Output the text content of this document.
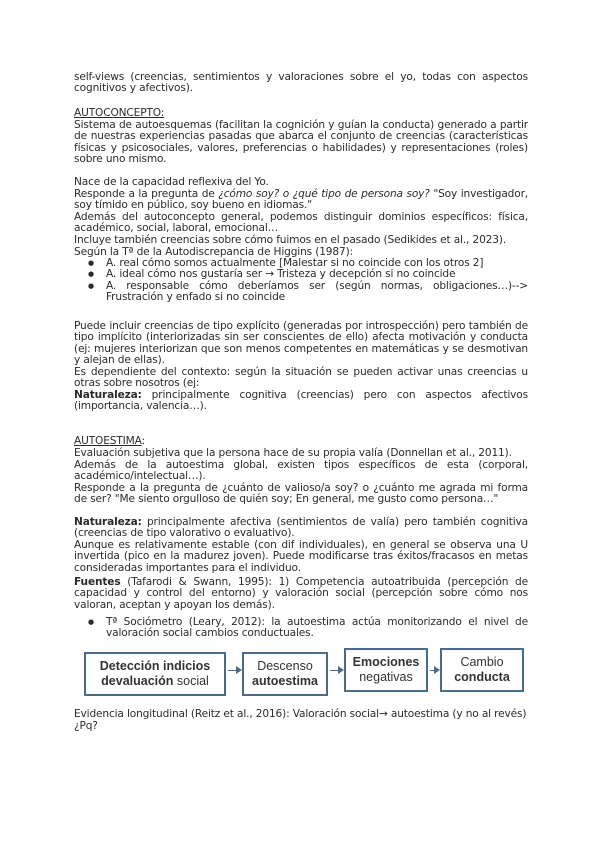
self-views (creencias, sentimientos y valoraciones sobre el yo, todas con aspectos
cognitivos y afectivos).
AUTOCONCEPTO:
Sistema de autoesquemas (facilitan la cognición y guían la conducta) generado a partir de nuestras experiencias pasadas que abarca el conjunto de creencias (características físicas y psicosociales, valores, preferencias o habilidades) y representaciones (roles) sobre uno mismo.
Nace de la capacidad reflexiva del Yo.
Responde a la pregunta de ¿cómo soy? o ¿qué tipo de persona soy? "Soy investigador, soy tímido en público, soy bueno en idiomas."
Además del autoconcepto general, podemos distinguir dominios específicos: física, académico, social, laboral, emocional…
Incluye también creencias sobre cómo fuimos en el pasado (Sedikides et al., 2023).
Según la Tª de la Autodiscrepancia de Higgins (1987):
● A. real cómo somos actualmente [Malestar si no coincide con los otros 2]
● A. ideal cómo nos gustaría ser → Tristeza y decepción si no coincide
● A. responsable cómo deberíamos ser (según normas, obligaciones…)--> Frustración y enfado si no coincide
Puede incluir creencias de tipo explícito (generadas por introspección) pero también de tipo implícito (interiorizadas sin ser conscientes de ello) afecta motivación y conducta (ej: mujeres interiorizan que son menos competentes en matemáticas y se desmotivan y alejan de ellas).
Es dependiente del contexto: según la situación se pueden activar unas creencias u otras sobre nosotros (ej:
Naturaleza: principalmente cognitiva (creencias) pero con aspectos afectivos (importancia, valencia…).
AUTOESTIMA:
Evaluación subjetiva que la persona hace de su propia valía (Donnellan et al., 2011).
Además de la autoestima global, existen tipos específicos de esta (corporal, académico/intelectual…).
Responde a la pregunta de ¿cuánto de valioso/a soy? o ¿cuánto me agrada mi forma de ser? "Me siento orgulloso de quién soy; En general, me gusto como persona…"
Naturaleza: principalmente afectiva (sentimientos de valía) pero también cognitiva (creencias de tipo valorativo o evaluativo).
Aunque es relativamente estable (con dif individuales), en general se observa una U invertida (pico en la madurez joven). Puede modificarse tras éxitos/fracasos en metas consideradas importantes para el individuo.
Fuentes (Tafarodi & Swann, 1995): 1) Competencia autoatribuida (percepción de capacidad y control del entorno) y valoración social (percepción sobre cómo nos valoran, aceptan y apoyan los demás).
● Tª Sociómetro (Leary, 2012): la autoestima actúa monitorizando el nivel de valoración social cambios conductuales.
Detección indicios
devaluación social
Descenso
autoestima
Emociones
negativas
Cambio
conducta
Evidencia longitudinal (Reitz et al., 2016): Valoración social→ autoestima (y no al revés)
¿Pq?
